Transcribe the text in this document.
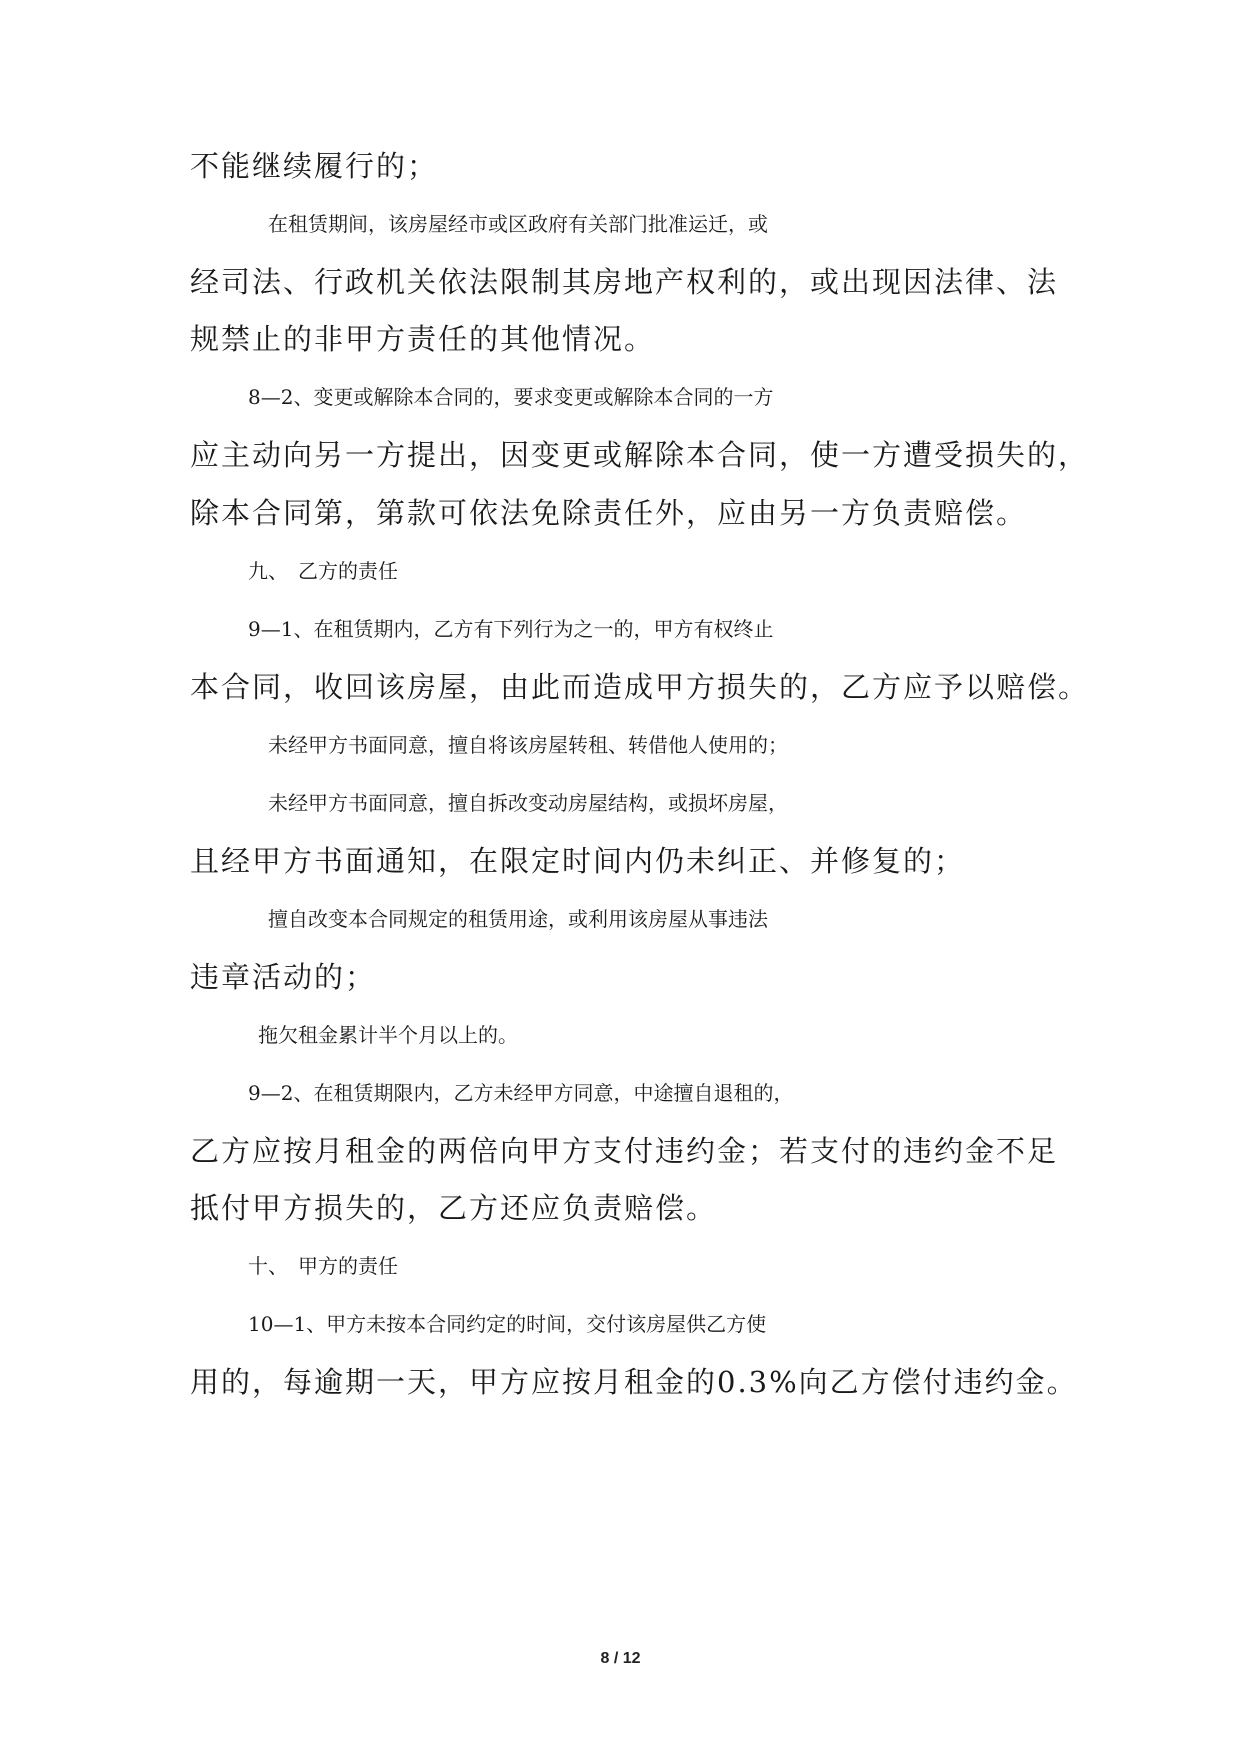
不能继续履行的；
在租赁期间，该房屋经市或区政府有关部门批准运迁，或
经司法、行政机关依法限制其房地产权利的，或出现因法律、法
规禁止的非甲方责任的其他情况。
8—2、变更或解除本合同的，要求变更或解除本合同的一方
应主动向另一方提出，因变更或解除本合同，使一方遭受损失的，
除本合同第，第款可依法免除责任外，应由另一方负责赔偿。
九、　乙方的责任
9—1、在租赁期内，乙方有下列行为之一的，甲方有权终止
本合同，收回该房屋，由此而造成甲方损失的，乙方应予以赔偿。
未经甲方书面同意，擅自将该房屋转租、转借他人使用的；
未经甲方书面同意，擅自拆改变动房屋结构，或损坏房屋，
且经甲方书面通知，在限定时间内仍未纠正、并修复的；
擅自改变本合同规定的租赁用途，或利用该房屋从事违法
违章活动的；
拖欠租金累计半个月以上的。
9—2、在租赁期限内，乙方未经甲方同意，中途擅自退租的，
乙方应按月租金的两倍向甲方支付违约金；若支付的违约金不足
抵付甲方损失的，乙方还应负责赔偿。
十、　甲方的责任
10—1、甲方未按本合同约定的时间，交付该房屋供乙方使
用的，每逾期一天，甲方应按月租金的0.3%向乙方偿付违约金。
8 / 12
